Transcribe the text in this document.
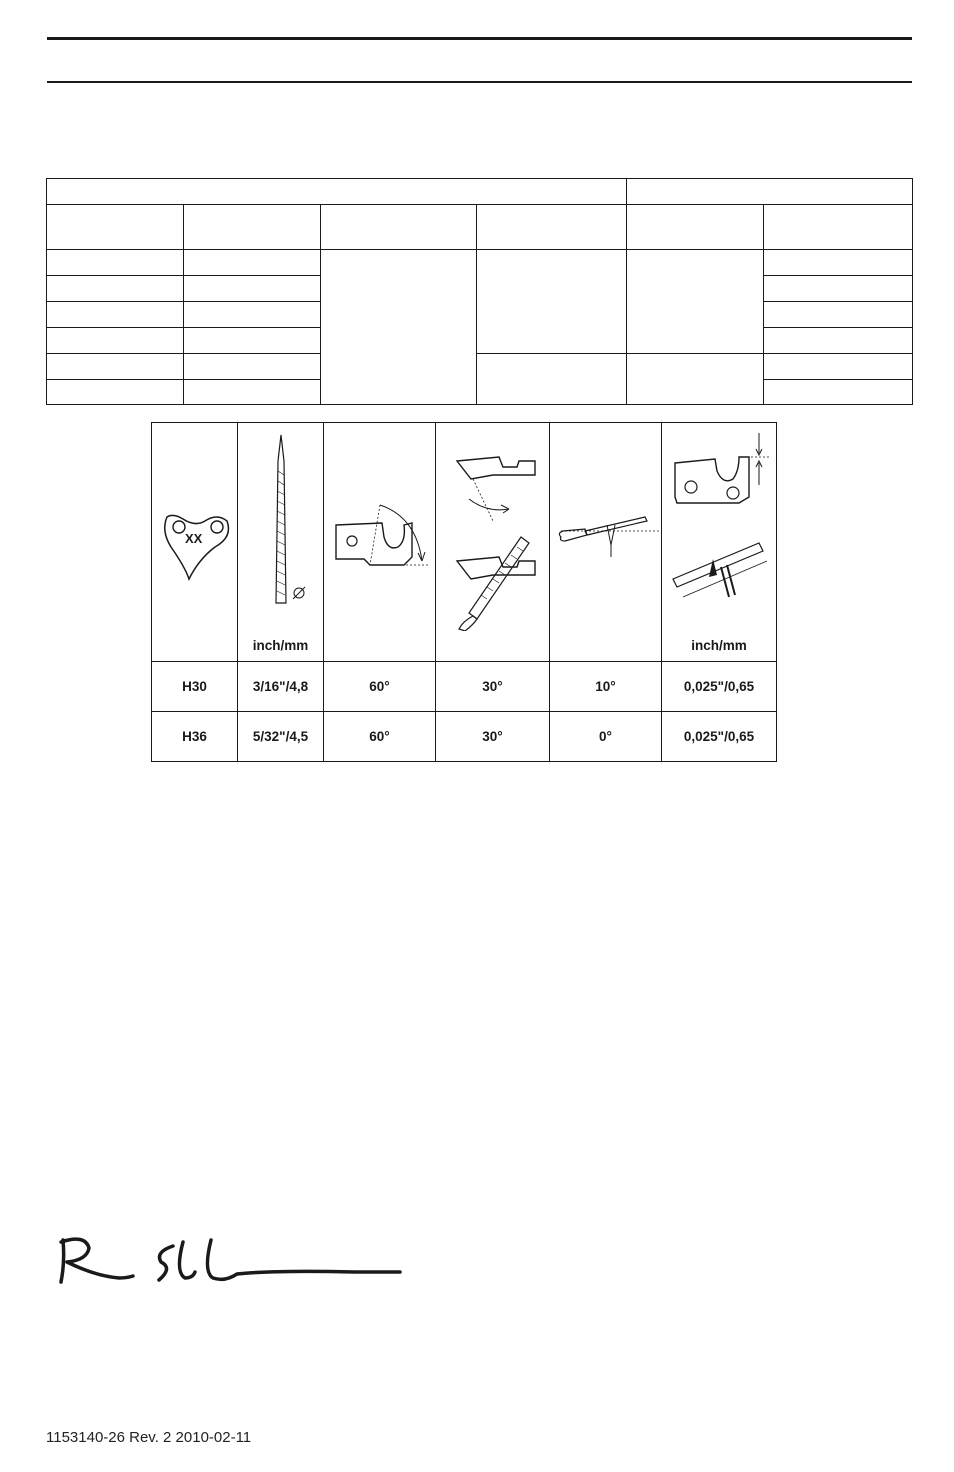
XX	inch/mm				inch/mm

H30	3/16"/4,8	60°	30°	10°	0,025"/0,65
H36	5/32"/4,5	60°	30°	0°	0,025"/0,65
1153140-26 Rev. 2 2010-02-11
